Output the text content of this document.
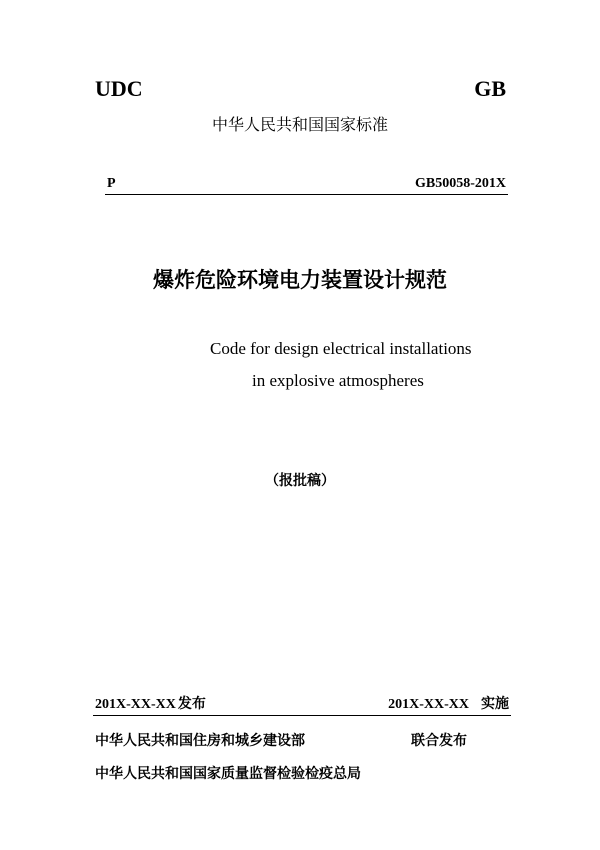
UDC	GB
中华人民共和国国家标准
P	GB50058-201X
爆炸危险环境电力装置设计规范
Code for design electrical installations
in explosive atmospheres
（报批稿）
201X-XX-XX 发布	201X-XX-XX 实施
中华人民共和国住房和城乡建设部	联合发布
中华人民共和国国家质量监督检验检疫总局
